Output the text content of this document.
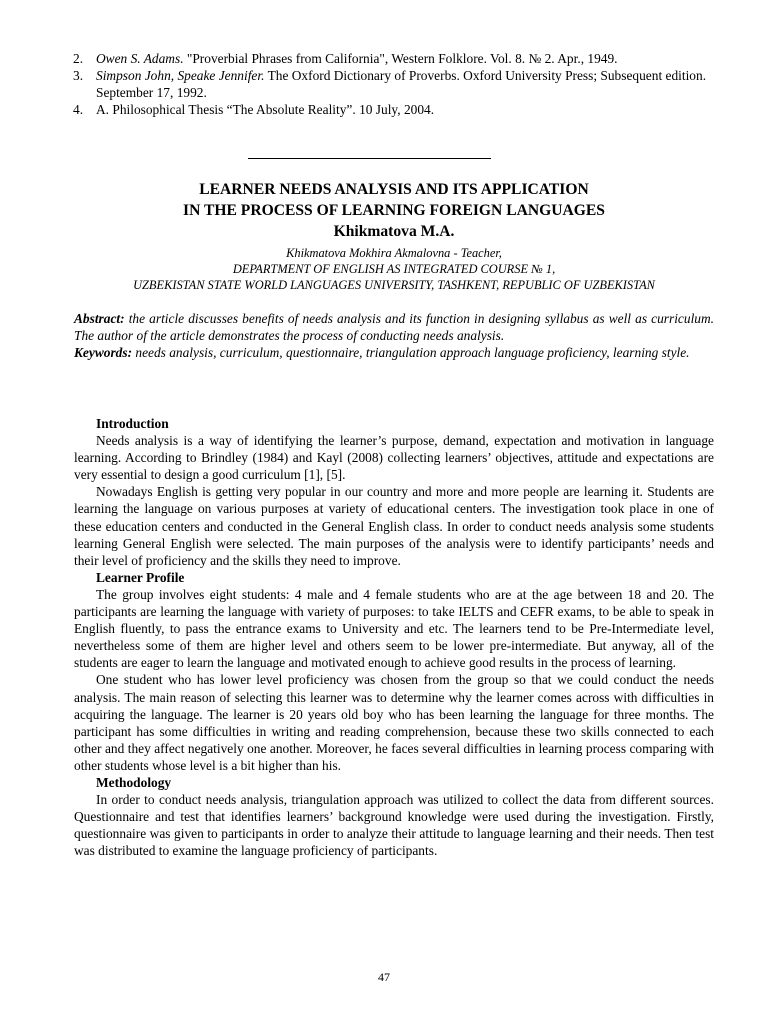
2. Owen S. Adams. "Proverbial Phrases from California", Western Folklore. Vol. 8. № 2. Apr., 1949.
3. Simpson John, Speake Jennifer. The Oxford Dictionary of Proverbs. Oxford University Press; Subsequent edition. September 17, 1992.
4. A. Philosophical Thesis “The Absolute Reality”. 10 July, 2004.
LEARNER NEEDS ANALYSIS AND ITS APPLICATION
IN THE PROCESS OF LEARNING FOREIGN LANGUAGES
Khikmatova M.A.
Khikmatova Mokhira Akmalovna - Teacher,
DEPARTMENT OF ENGLISH AS INTEGRATED COURSE № 1,
UZBEKISTAN STATE WORLD LANGUAGES UNIVERSITY, TASHKENT, REPUBLIC OF UZBEKISTAN

Abstract: the article discusses benefits of needs analysis and its function in designing syllabus as well as curriculum. The author of the article demonstrates the process of conducting needs analysis.

Keywords: needs analysis, curriculum, questionnaire, triangulation approach language proficiency, learning style.

Introduction

Needs analysis is a way of identifying the learner’s purpose, demand, expectation and motivation in language learning. According to Brindley (1984) and Kayl (2008) collecting learners’ objectives, attitude and expectations are very essential to design a good curriculum [1], [5].

Nowadays English is getting very popular in our country and more and more people are learning it. Students are learning the language on various purposes at variety of educational centers. The investigation took place in one of these education centers and conducted in the General English class. In order to conduct needs analysis some students learning General English were selected. The main purposes of the analysis were to identify participants’ needs and their level of proficiency and the skills they need to improve.

Learner Profile

The group involves eight students: 4 male and 4 female students who are at the age between 18 and 20. The participants are learning the language with variety of purposes: to take IELTS and CEFR exams, to be able to speak in English fluently, to pass the entrance exams to University and etc. The learners tend to be Pre-Intermediate level, nevertheless some of them are higher level and others seem to be lower pre-intermediate. But anyway, all of the students are eager to learn the language and motivated enough to achieve good results in the process of learning.

One student who has lower level proficiency was chosen from the group so that we could conduct the needs analysis. The main reason of selecting this learner was to determine why the learner comes across with difficulties in acquiring the language. The learner is 20 years old boy who has been learning the language for three months. The participant has some difficulties in writing and reading comprehension, because these two skills connected to each other and they affect negatively one another. Moreover, he faces several difficulties in learning process comparing with other students whose level is a bit higher than his.

Methodology

In order to conduct needs analysis, triangulation approach was utilized to collect the data from different sources. Questionnaire and test that identifies learners’ background knowledge were used during the investigation. Firstly, questionnaire was given to participants in order to analyze their attitude to language learning and their needs. Then test was distributed to examine the language proficiency of participants.

47
